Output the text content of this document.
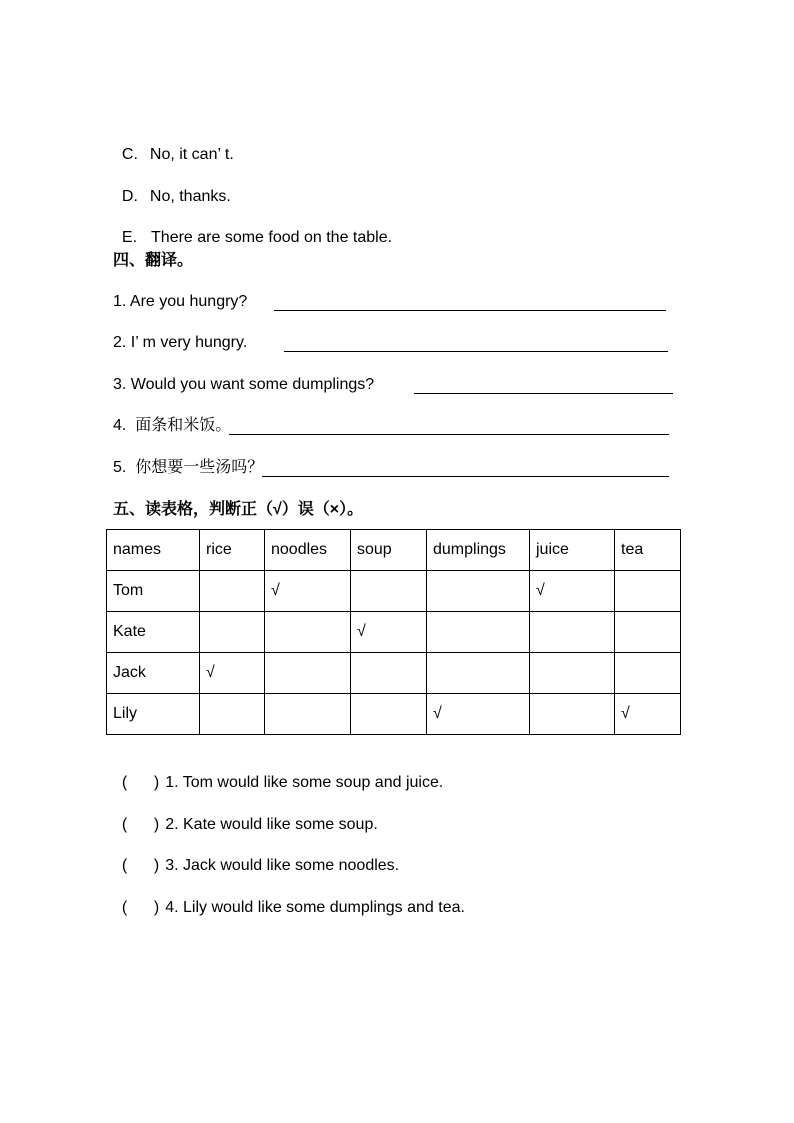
C. No, it can’ t.

D. No, thanks.

E. There are some food on the table.

四、翻译。
1. Are you hungry?
2. I’ m very hungry.
3. Would you want some dumplings?
4.  面条和米饭。
5.  你想要一些汤吗？
五、读表格，判断正（√）误（×）。
names	rice	noodles	soup	dumplings	juice	tea
Tom		√			√	
Kate			√			
Jack	√					
Lily				√		√

(      ) 1. Tom would like some soup and juice.

(      ) 2. Kate would like some soup.

(      ) 3. Jack would like some noodles.

(      ) 4. Lily would like some dumplings and tea.
